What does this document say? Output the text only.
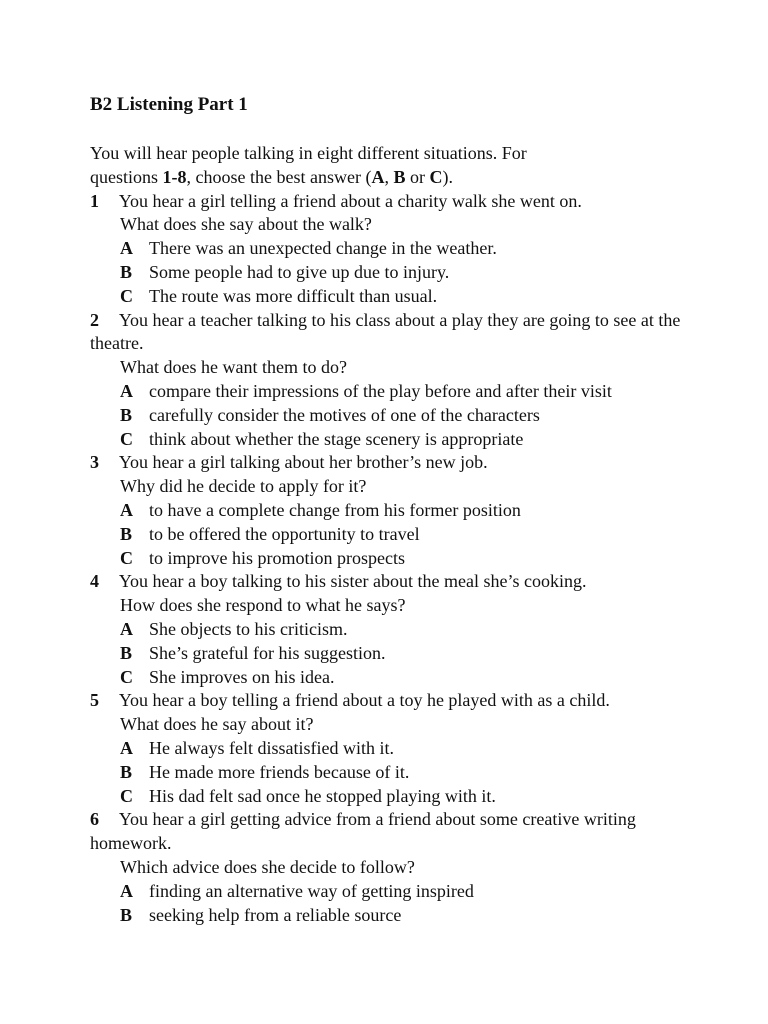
B2 Listening Part 1

You will hear people talking in eight different situations. For

questions 1-8, choose the best answer (A, B or C).

1 You hear a girl telling a friend about a charity walk she went on.

What does she say about the walk?

A There was an unexpected change in the weather.

B Some people had to give up due to injury.

C The route was more difficult than usual.

2 You hear a teacher talking to his class about a play they are going to see at the theatre.

What does he want them to do?

A compare their impressions of the play before and after their visit

B carefully consider the motives of one of the characters

C think about whether the stage scenery is appropriate

3 You hear a girl talking about her brother’s new job.

Why did he decide to apply for it?

A to have a complete change from his former position

B to be offered the opportunity to travel

C to improve his promotion prospects

4 You hear a boy talking to his sister about the meal she’s cooking.

How does she respond to what he says?

A She objects to his criticism.

B She’s grateful for his suggestion.

C She improves on his idea.

5 You hear a boy telling a friend about a toy he played with as a child.

What does he say about it?

A He always felt dissatisfied with it.

B He made more friends because of it.

C His dad felt sad once he stopped playing with it.

6 You hear a girl getting advice from a friend about some creative writing homework.

Which advice does she decide to follow?

A finding an alternative way of getting inspired

B seeking help from a reliable source
